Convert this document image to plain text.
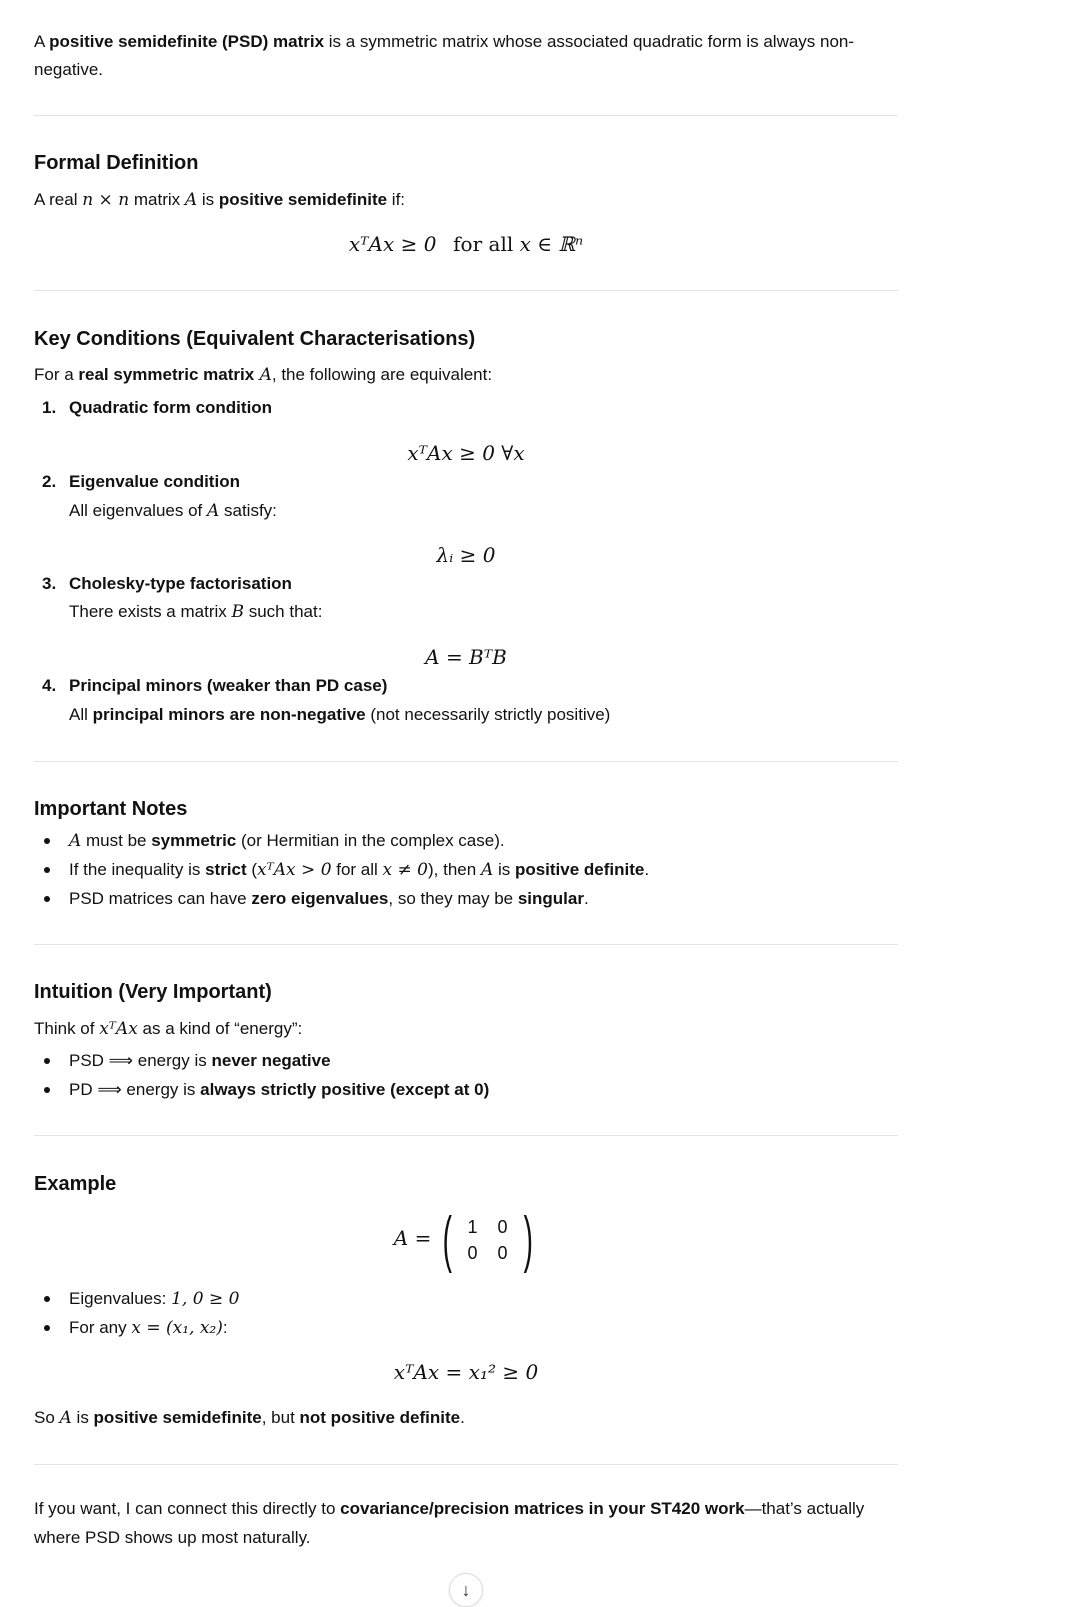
A positive semidefinite (PSD) matrix is a symmetric matrix whose associated quadratic form is always non-
negative.
Formal Definition
A real n × n matrix A is positive semidefinite if:
xᵀAx ≥ 0 for all x ∈ ℝⁿ
Key Conditions (Equivalent Characterisations)
For a real symmetric matrix A, the following are equivalent:
1. Quadratic form condition
xᵀAx ≥ 0 ∀x
2. Eigenvalue condition
All eigenvalues of A satisfy:
λᵢ ≥ 0
3. Cholesky-type factorisation
There exists a matrix B such that:
A = BᵀB
4. Principal minors (weaker than PD case)
All principal minors are non-negative (not necessarily strictly positive)
Important Notes
A must be symmetric (or Hermitian in the complex case).
If the inequality is strict (xᵀAx > 0 for all x ≠ 0), then A is positive definite.
PSD matrices can have zero eigenvalues, so they may be singular.
Intuition (Very Important)
Think of xᵀAx as a kind of “energy”:
PSD ⟹ energy is never negative
PD ⟹ energy is always strictly positive (except at 0)
Example
A = ( 1	0
0	0 )
Eigenvalues: 1, 0 ≥ 0
For any x = (x₁, x₂):
xᵀAx = x₁² ≥ 0
So A is positive semidefinite, but not positive definite.
If you want, I can connect this directly to covariance/precision matrices in your ST420 work—that’s actually
where PSD shows up most naturally.
↓
